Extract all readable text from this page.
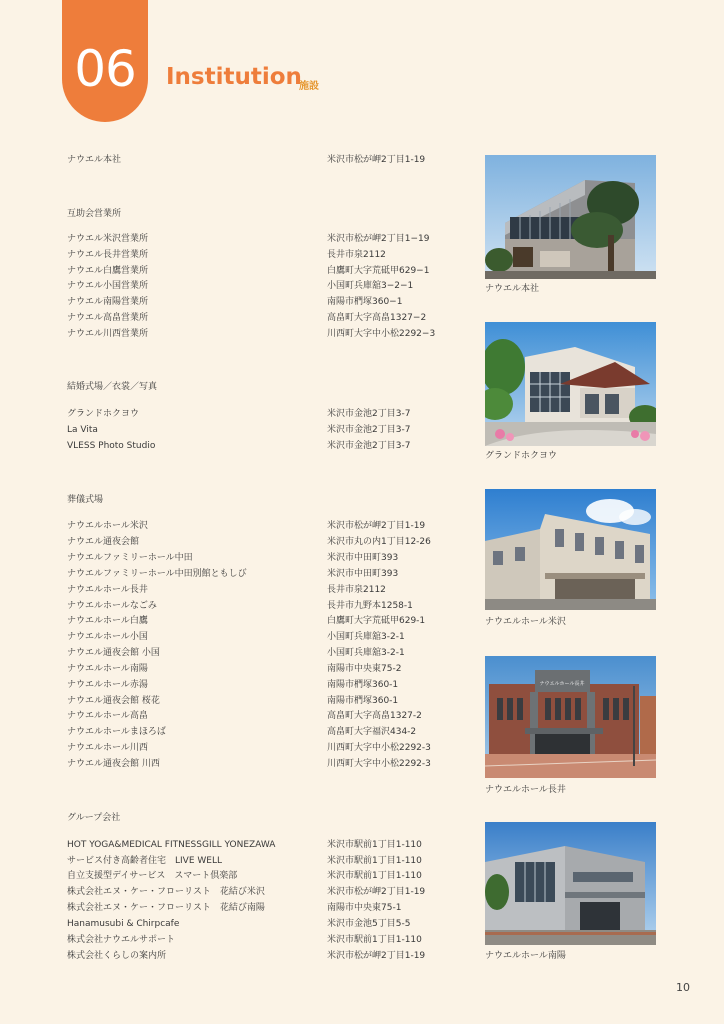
06	Institution
施設
ナウエル本社	米沢市松が岬2丁目1-19
互助会営業所
ナウエル米沢営業所	米沢市松が岬2丁目1−19
ナウエル長井営業所	長井市泉2112
ナウエル白鷹営業所	白鷹町大字荒砥甲629−1
ナウエル小国営業所	小国町兵庫舘3−2−1
ナウエル南陽営業所	南陽市椚塚360−1
ナウエル高畠営業所	高畠町大字高畠1327−2
ナウエル川西営業所	川西町大字中小松2292−3
結婚式場／衣裳／写真
グランドホクヨウ	米沢市金池2丁目3-7
La Vita	米沢市金池2丁目3-7
VLESS Photo Studio	米沢市金池2丁目3-7
葬儀式場
ナウエルホール米沢	米沢市松が岬2丁目1-19
ナウエル通夜会館	米沢市丸の内1丁目12-26
ナウエルファミリーホール中田	米沢市中田町393
ナウエルファミリーホール中田別館ともしび	米沢市中田町393
ナウエルホール長井	長井市泉2112
ナウエルホールなごみ	長井市九野本1258-1
ナウエルホール白鷹	白鷹町大字荒砥甲629-1
ナウエルホール小国	小国町兵庫舘3-2-1
ナウエル通夜会館 小国	小国町兵庫舘3-2-1
ナウエルホール南陽	南陽市中央東75-2
ナウエルホール赤湯	南陽市椚塚360-1
ナウエル通夜会館 桜花	南陽市椚塚360-1
ナウエルホール高畠	高畠町大字高畠1327-2
ナウエルホールまほろば	高畠町大字福沢434-2
ナウエルホール川西	川西町大字中小松2292-3
ナウエル通夜会館 川西	川西町大字中小松2292-3
グループ会社
HOT YOGA&MEDICAL FITNESSGILL YONEZAWA	米沢市駅前1丁目1-110
サービス付き高齢者住宅　LIVE WELL	米沢市駅前1丁目1-110
自立支援型デイサービス　スマート倶楽部	米沢市駅前1丁目1-110
株式会社エヌ・ケー・フローリスト　花結び米沢	米沢市松が岬2丁目1-19
株式会社エヌ・ケー・フローリスト　花結び南陽	南陽市中央東75-1
Hanamusubi & Chirpcafe	米沢市金池5丁目5-5
株式会社ナウエルサポート	米沢市駅前1丁目1-110
株式会社くらしの案内所	米沢市松が岬2丁目1-19
ナウエル本社
グランドホクヨウ
ナウエルホール米沢
ナウエルホール長井
ナウエルホール長井
ナウエルホール南陽
10
